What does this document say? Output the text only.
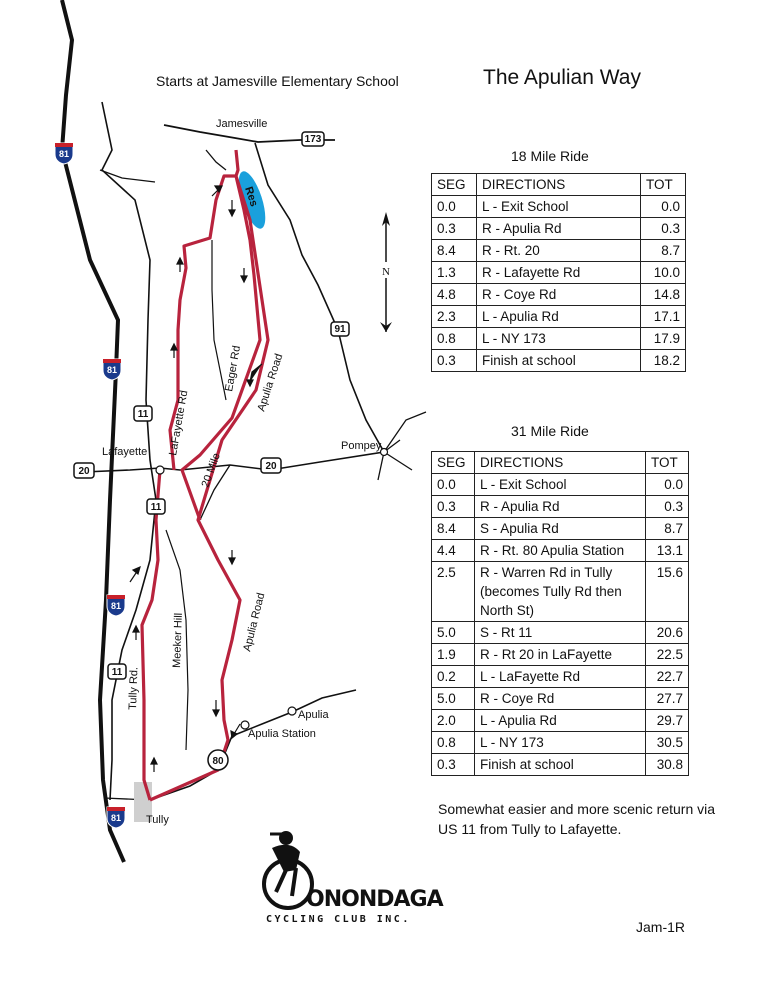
Res
Jamesville
Lafayette	Pompey
Apulia
Apulia Station
Tully
LaFayette Rd
Eager Rd Apulia Road
20 Mile
Meeker Hill	Apulia Road
Tully Rd.
81
81
81
81
11
11
11
20	20
173
91
80
N
ONONDAGA
CYCLING CLUB INC.
Starts at Jamesville Elementary School	The Apulian Way
18 Mile Ride
SEG	DIRECTIONS	TOT
0.0	L - Exit School	0.0
0.3	R - Apulia Rd	0.3
8.4	R - Rt. 20	8.7
1.3	R - Lafayette Rd	10.0
4.8	R - Coye Rd	14.8
2.3	L - Apulia Rd	17.1
0.8	L - NY 173	17.9
0.3	Finish at school	18.2
31 Mile Ride
SEG	DIRECTIONS	TOT
0.0	L - Exit School	0.0
0.3	R - Apulia Rd	0.3
8.4	S - Apulia Rd	8.7
4.4	R - Rt. 80 Apulia Station	13.1
2.5	R - Warren Rd in Tully
(becomes Tully Rd then
North St)	15.6
5.0	S - Rt 11	20.6
1.9	R - Rt 20 in LaFayette	22.5
0.2	L - LaFayette Rd	22.7
5.0	R - Coye Rd	27.7
2.0	L - Apulia Rd	29.7
0.8	L - NY 173	30.5
0.3	Finish at school	30.8
Somewhat easier and more scenic return via US 11 from Tully to Lafayette.
Jam-1R
